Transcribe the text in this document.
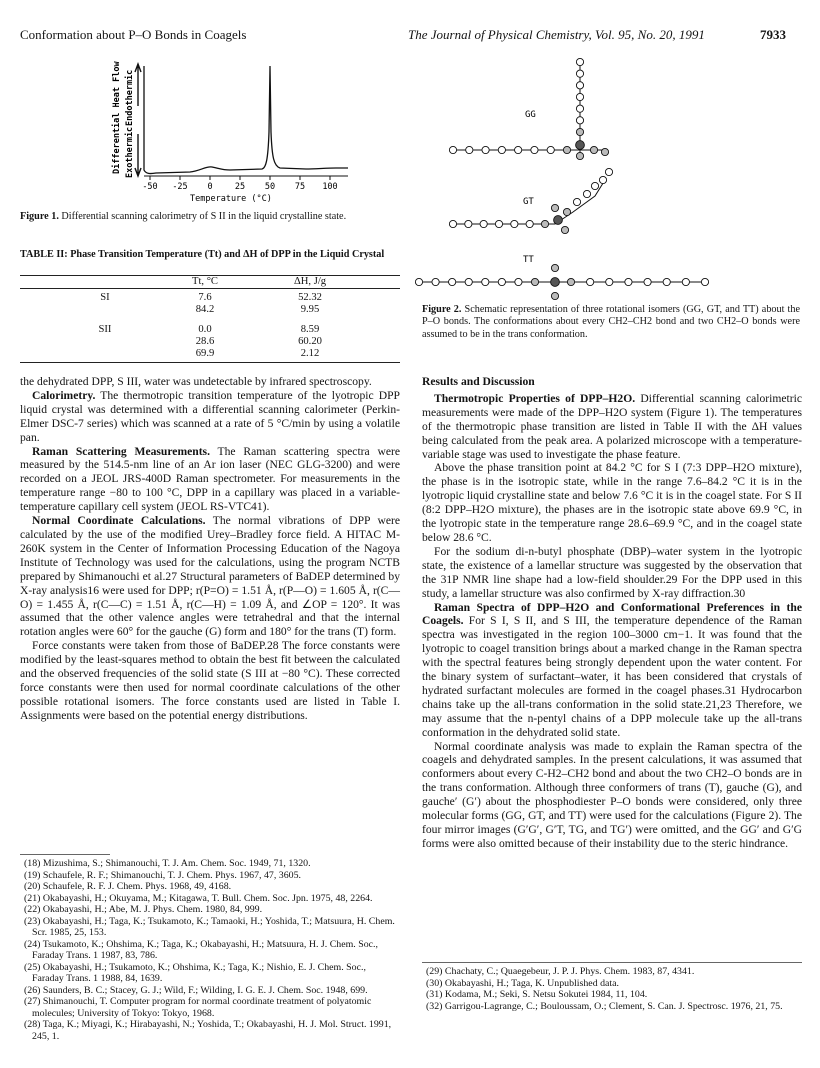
Conformation about P–O Bonds in Coagels	The Journal of Physical Chemistry, Vol. 95, No. 20, 1991	7933
Differential Heat Flow Endothermic
Exothermic
-50 -25 0	25 50 75 100
Temperature (°C)
Figure 1. Differential scanning calorimetry of S II in the liquid crystalline state.
TABLE II: Phase Transition Temperature (Tt) and ΔH of DPP in the Liquid Crystal
	Tt, °C	ΔH, J/g
SI	7.6	52.32
	84.2	9.95
SII	0.0	8.59
	28.6	60.20
	69.9	2.12
GG
GT
TT
Figure 2. Schematic representation of three rotational isomers (GG, GT, and TT) about the P–O bonds. The conformations about every CH2–CH2 bond and two CH2–O bonds were assumed to be in the trans conformation.

the dehydrated DPP, S III, water was undetectable by infrared spectroscopy.

Calorimetry. The thermotropic transition temperature of the lyotropic DPP liquid crystal was determined with a differential scanning calorimeter (Perkin-Elmer DSC-7 series) which was scanned at a rate of 5 °C/min by using a volatile pan.

Raman Scattering Measurements. The Raman scattering spectra were measured by the 514.5-nm line of an Ar ion laser (NEC GLG-3200) and were recorded on a JEOL JRS-400D Raman spectrometer. For measurements in the temperature range −80 to 100 °C, DPP in a capillary was placed in a variable-temperature capillary cell system (JEOL RS-VTC41).

Normal Coordinate Calculations. The normal vibrations of DPP were calculated by the use of the modified Urey–Bradley force field. A HITAC M-260K system in the Center of Information Processing Education of the Nagoya Institute of Technology was used for the calculations, using the program NCTB prepared by Shimanouchi et al.27 Structural parameters of BaDEP determined by X-ray analysis16 were used for DPP; r(P=O) = 1.51 Å, r(P—O) = 1.605 Å, r(C—O) = 1.455 Å, r(C—C) = 1.51 Å, r(C—H) = 1.09 Å, and ∠OP = 120°. It was assumed that the other valence angles were tetrahedral and that the internal rotation angles were 60° for the gauche (G) form and 180° for the trans (T) form.

Force constants were taken from those of BaDEP.28 The force constants were modified by the least-squares method to obtain the best fit between the calculated and the observed frequencies of the solid state (S III at −80 °C). These corrected force constants were then used for normal coordinate calculations of the other possible rotational isomers. The force constants used are listed in Table I. Assignments were based on the potential energy distributions.

(18) Mizushima, S.; Shimanouchi, T. J. Am. Chem. Soc. 1949, 71, 1320.
(19) Schaufele, R. F.; Shimanouchi, T. J. Chem. Phys. 1967, 47, 3605.
(20) Schaufele, R. F. J. Chem. Phys. 1968, 49, 4168.
(21) Okabayashi, H.; Okuyama, M.; Kitagawa, T. Bull. Chem. Soc. Jpn. 1975, 48, 2264.
(22) Okabayashi, H.; Abe, M. J. Phys. Chem. 1980, 84, 999.
(23) Okabayashi, H.; Taga, K.; Tsukamoto, K.; Tamaoki, H.; Yoshida, T.; Matsuura, H. Chem. Scr. 1985, 25, 153.
(24) Tsukamoto, K.; Ohshima, K.; Taga, K.; Okabayashi, H.; Matsuura, H. J. Chem. Soc., Faraday Trans. 1 1987, 83, 786.
(25) Okabayashi, H.; Tsukamoto, K.; Ohshima, K.; Taga, K.; Nishio, E. J. Chem. Soc., Faraday Trans. 1 1988, 84, 1639.
(26) Saunders, B. C.; Stacey, G. J.; Wild, F.; Wilding, I. G. E. J. Chem. Soc. 1948, 699.
(27) Shimanouchi, T. Computer program for normal coordinate treatment of polyatomic molecules; University of Tokyo: Tokyo, 1968.
(28) Taga, K.; Miyagi, K.; Hirabayashi, N.; Yoshida, T.; Okabayashi, H. J. Mol. Struct. 1991, 245, 1.

Results and Discussion

Thermotropic Properties of DPP–H2O. Differential scanning calorimetric measurements were made of the DPP–H2O system (Figure 1). The temperatures of the thermotropic phase transition are listed in Table II with the ΔH values being calculated from the peak area. A polarized microscope with a temperature-variable stage was used to investigate the phase feature.

Above the phase transition point at 84.2 °C for S I (7:3 DPP–H2O mixture), the phase is in the isotropic state, while in the range 7.6–84.2 °C it is in the lyotropic liquid crystalline state and below 7.6 °C it is in the coagel state. For S II (8:2 DPP–H2O mixture), the phases are in the isotropic state above 69.9 °C, in the lyotropic state in the temperature range 28.6–69.9 °C, and in the coagel state below 28.6 °C.

For the sodium di-n-butyl phosphate (DBP)–water system in the lyotropic state, the existence of a lamellar structure was suggested by the observation that the 31P NMR line shape had a low-field shoulder.29 For the DPP used in this study, a lamellar structure was also confirmed by X-ray diffraction.30

Raman Spectra of DPP–H2O and Conformational Preferences in the Coagels. For S I, S II, and S III, the temperature dependence of the Raman spectra was investigated in the region 100–3000 cm−1. It was found that the lyotropic to coagel transition brings about a marked change in the Raman spectra with the spectral features being strongly dependent upon the water content. For the binary system of surfactant–water, it has been considered that crystals of hydrated surfactant molecules are formed in the coagel phases.31 Hydrocarbon chains take up the all-trans conformation in the solid state.21,23 Therefore, we may assume that the n-pentyl chains of a DPP molecule take up the all-trans conformation in the dehydrated solid state.

Normal coordinate analysis was made to explain the Raman spectra of the coagels and dehydrated samples. In the present calculations, it was assumed that conformers about every C-H2–CH2 bond and about the two CH2–O bonds are in the trans conformation. Although three conformers of trans (T), gauche (G), and gauche′ (G′) about the phosphodiester P–O bonds were considered, only three molecular forms (GG, GT, and TT) were used for the calculations (Figure 2). The four mirror images (G′G′, G′T, TG, and TG′) were omitted, and the GG′ and G′G forms were also omitted because of their instability due to the steric hindrance.

(29) Chachaty, C.; Quaegebeur, J. P. J. Phys. Chem. 1983, 87, 4341.
(30) Okabayashi, H.; Taga, K. Unpublished data.
(31) Kodama, M.; Seki, S. Netsu Sokutei 1984, 11, 104.
(32) Garrigou-Lagrange, C.; Bouloussam, O.; Clement, S. Can. J. Spectrosc. 1976, 21, 75.
